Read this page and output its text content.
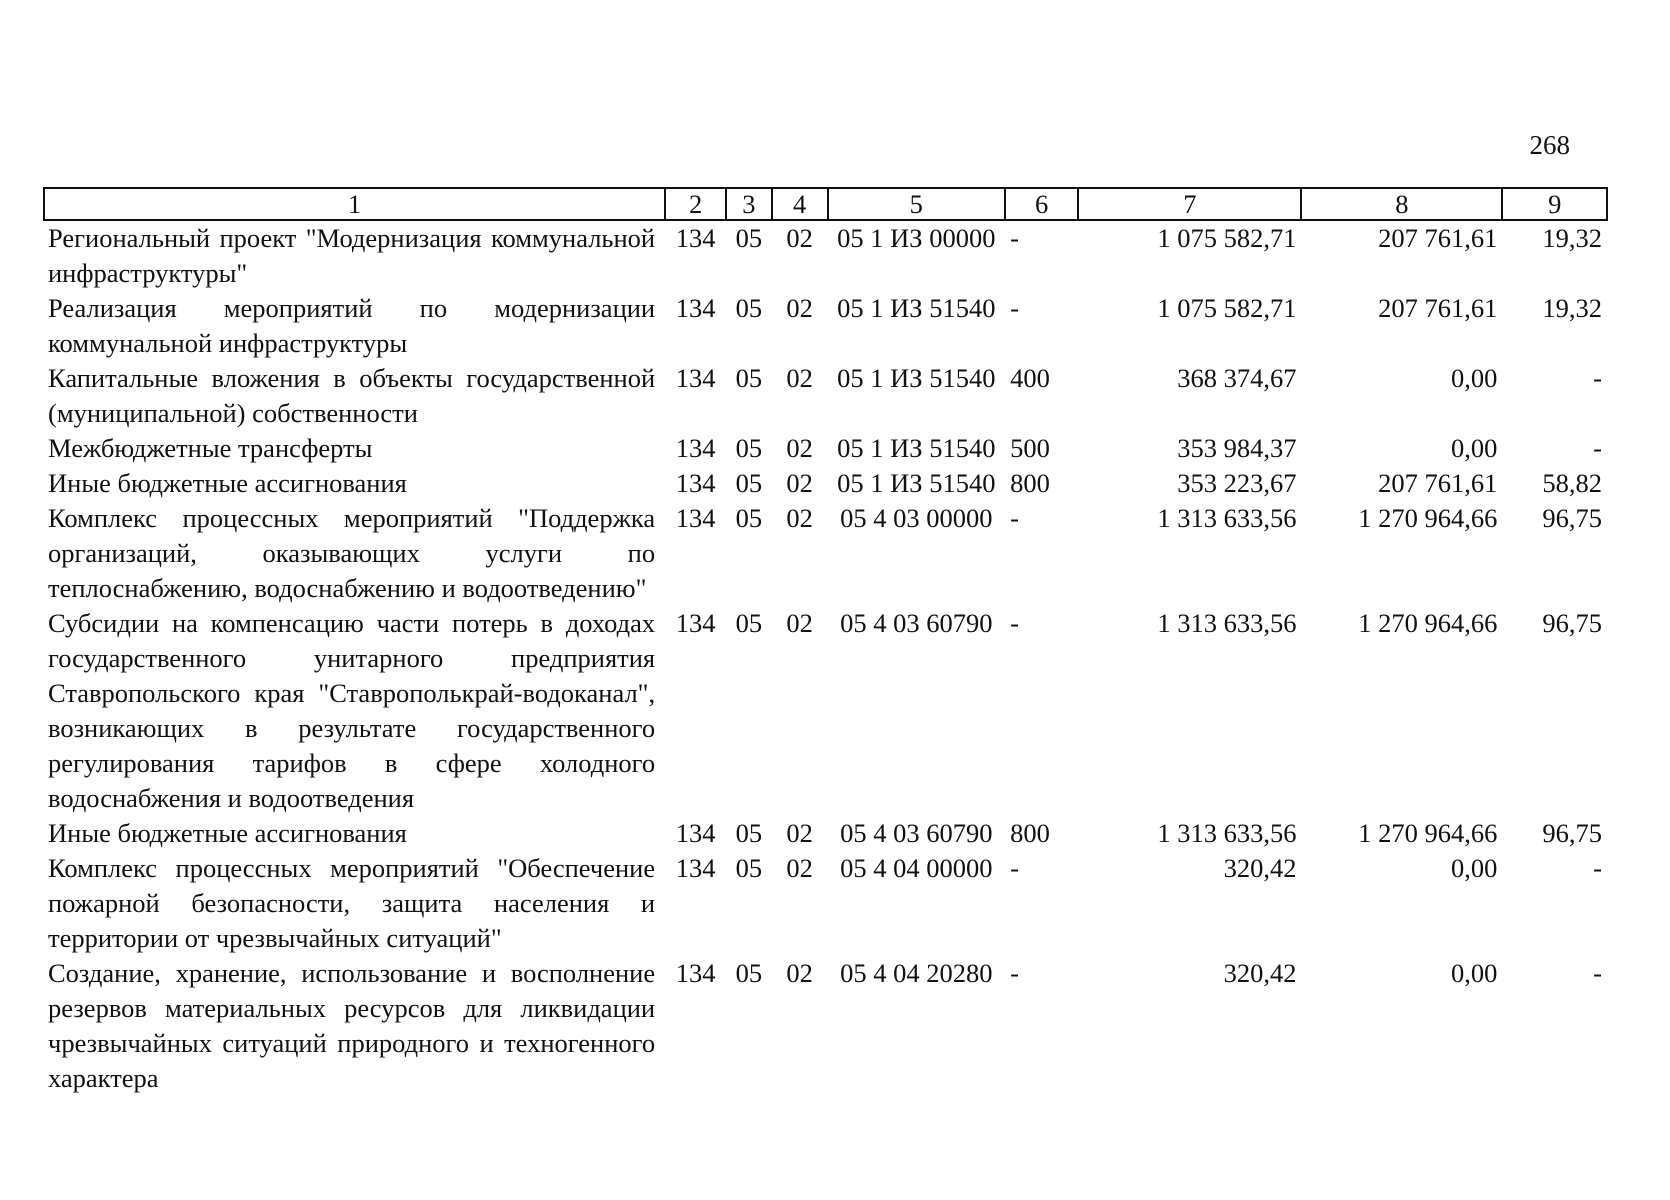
268
1	2	3	4	5	6	7	8	9
Региональный проект "Модернизация коммунальной инфраструктуры"	134	05	02	05 1 ИЗ 00000	-	1 075 582,71	207 761,61	19,32
Реализация мероприятий по модернизации коммунальной инфраструктуры	134	05	02	05 1 ИЗ 51540	-	1 075 582,71	207 761,61	19,32
Капитальные вложения в объекты государственной (муниципальной) собственности	134	05	02	05 1 ИЗ 51540	400	368 374,67	0,00	-
Межбюджетные трансферты	134	05	02	05 1 ИЗ 51540	500	353 984,37	0,00	-
Иные бюджетные ассигнования	134	05	02	05 1 ИЗ 51540	800	353 223,67	207 761,61	58,82
Комплекс процессных мероприятий "Поддержка организаций, оказывающих услуги по теплоснабжению, водоснабжению и водоотведению"	134	05	02	05 4 03 00000	-	1 313 633,56	1 270 964,66	96,75
Субсидии на компенсацию части потерь в доходах государственного унитарного предприятия Ставропольского края "Ставрополькрай-водоканал", возникающих в результате государственного регулирования тарифов в сфере холодного водоснабжения и водоотведения	134	05	02	05 4 03 60790	-	1 313 633,56	1 270 964,66	96,75
Иные бюджетные ассигнования	134	05	02	05 4 03 60790	800	1 313 633,56	1 270 964,66	96,75
Комплекс процессных мероприятий "Обеспечение пожарной безопасности, защита населения и территории от чрезвычайных ситуаций"	134	05	02	05 4 04 00000	-	320,42	0,00	-
Создание, хранение, использование и восполнение резервов материальных ресурсов для ликвидации чрезвычайных ситуаций природного и техногенного характера	134	05	02	05 4 04 20280	-	320,42	0,00	-
